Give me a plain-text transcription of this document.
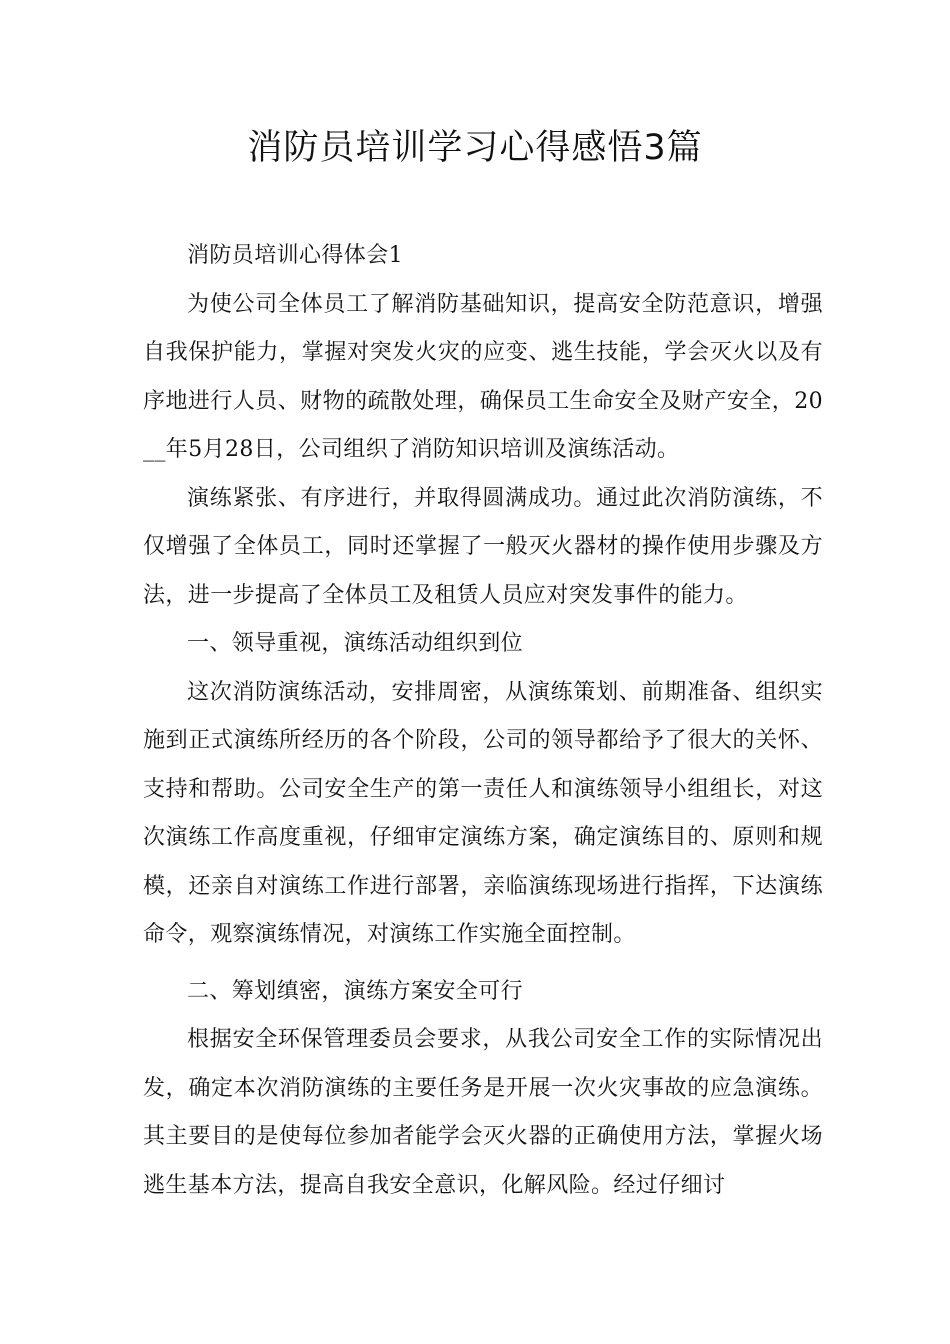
消防员培训学习心得感悟3篇

消防员培训心得体会1

为使公司全体员工了解消防基础知识，提高安全防范意识，增强自我保护能力，掌握对突发火灾的应变、逃生技能，学会灭火以及有序地进行人员、财物的疏散处理，确保员工生命安全及财产安全，20__年5月28日，公司组织了消防知识培训及演练活动。

演练紧张、有序进行，并取得圆满成功。通过此次消防演练，不仅增强了全体员工，同时还掌握了一般灭火器材的操作使用步骤及方法，进一步提高了全体员工及租赁人员应对突发事件的能力。

一、领导重视，演练活动组织到位

这次消防演练活动，安排周密，从演练策划、前期准备、组织实施到正式演练所经历的各个阶段，公司的领导都给予了很大的关怀、支持和帮助。公司安全生产的第一责任人和演练领导小组组长，对这次演练工作高度重视，仔细审定演练方案，确定演练目的、原则和规模，还亲自对演练工作进行部署，亲临演练现场进行指挥，下达演练命令，观察演练情况，对演练工作实施全面控制。

二、筹划缜密，演练方案安全可行

根据安全环保管理委员会要求，从我公司安全工作的实际情况出发，确定本次消防演练的主要任务是开展一次火灾事故的应急演练。其主要目的是使每位参加者能学会灭火器的正确使用方法，掌握火场逃生基本方法，提高自我安全意识，化解风险。经过仔细讨
